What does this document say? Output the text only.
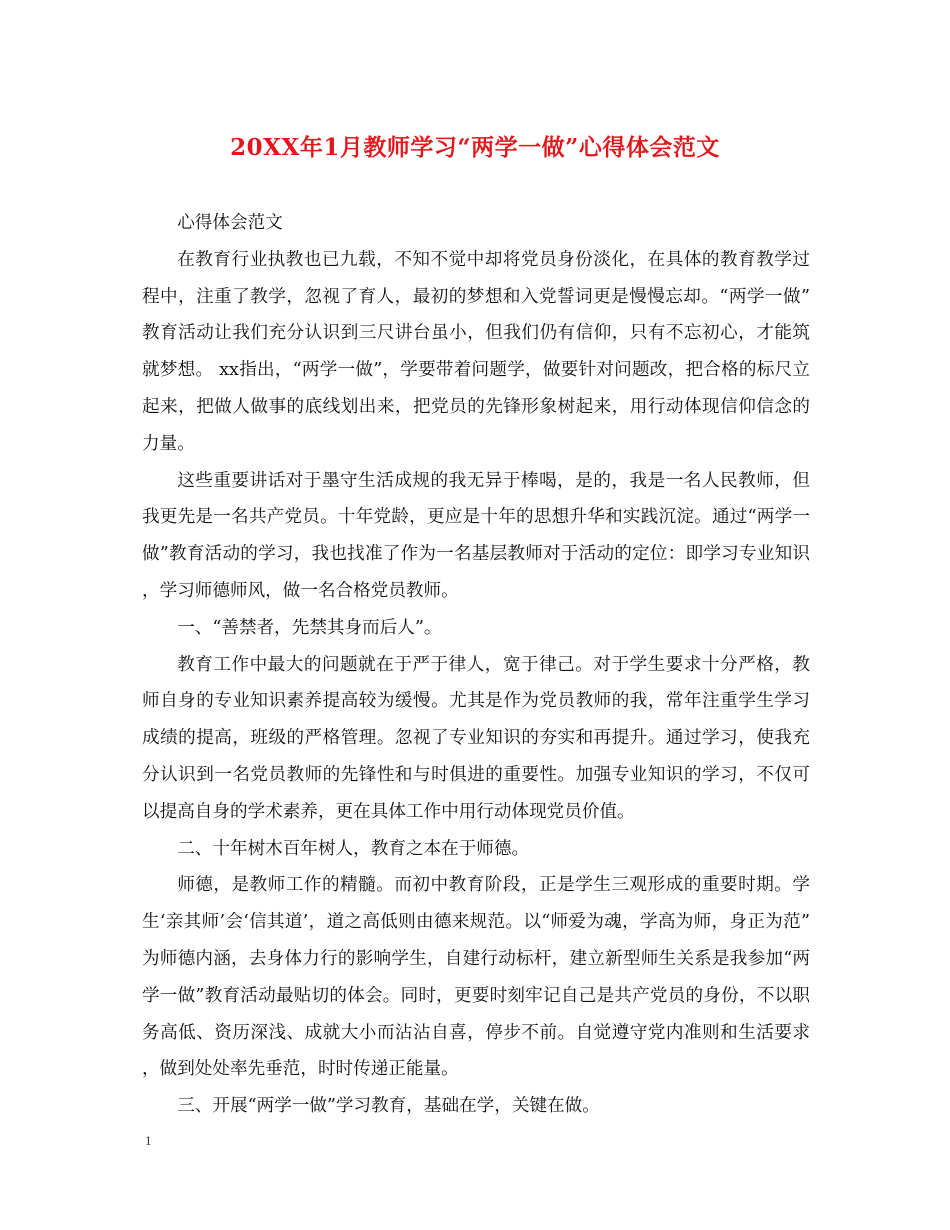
20XX年1月教师学习“两学一做”心得体会范文

心得体会范文

在教育行业执教也已九载，不知不觉中却将党员身份淡化，在具体的教育教学过程中，注重了教学，忽视了育人，最初的梦想和入党誓词更是慢慢忘却。“两学一做”教育活动让我们充分认识到三尺讲台虽小，但我们仍有信仰，只有不忘初心，才能筑就梦想。 xx指出，“两学一做”，学要带着问题学，做要针对问题改，把合格的标尺立起来，把做人做事的底线划出来，把党员的先锋形象树起来，用行动体现信仰信念的力量。

这些重要讲话对于墨守生活成规的我无异于棒喝，是的，我是一名人民教师，但我更先是一名共产党员。十年党龄，更应是十年的思想升华和实践沉淀。通过“两学一做”教育活动的学习，我也找准了作为一名基层教师对于活动的定位：即学习专业知识，学习师德师风，做一名合格党员教师。

一、“善禁者，先禁其身而后人”。

教育工作中最大的问题就在于严于律人，宽于律己。对于学生要求十分严格，教师自身的专业知识素养提高较为缓慢。尤其是作为党员教师的我，常年注重学生学习成绩的提高，班级的严格管理。忽视了专业知识的夯实和再提升。通过学习，使我充分认识到一名党员教师的先锋性和与时俱进的重要性。加强专业知识的学习，不仅可以提高自身的学术素养，更在具体工作中用行动体现党员价值。

二、十年树木百年树人，教育之本在于师德。

师德，是教师工作的精髓。而初中教育阶段，正是学生三观形成的重要时期。学生‘亲其师’会‘信其道’，道之高低则由德来规范。以“师爱为魂，学高为师，身正为范”为师德内涵，去身体力行的影响学生，自建行动标杆，建立新型师生关系是我参加“两学一做”教育活动最贴切的体会。同时，更要时刻牢记自己是共产党员的身份，不以职务高低、资历深浅、成就大小而沾沾自喜，停步不前。自觉遵守党内准则和生活要求，做到处处率先垂范，时时传递正能量。

三、开展“两学一做”学习教育，基础在学，关键在做。

1
